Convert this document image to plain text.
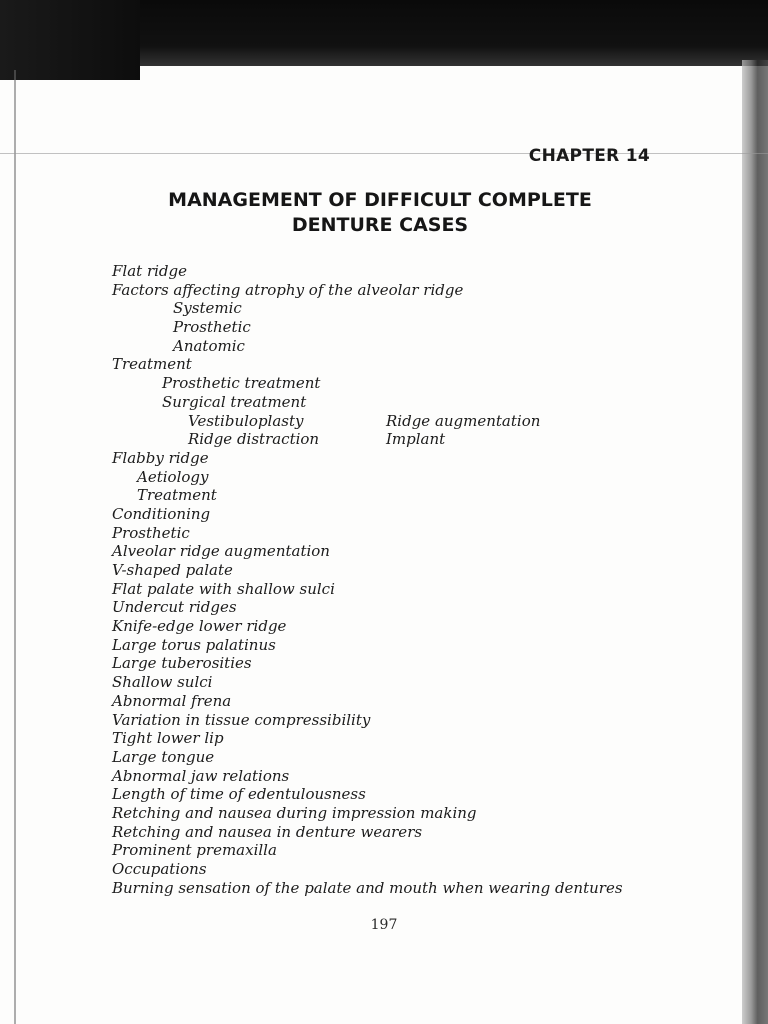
CHAPTER 14
MANAGEMENT OF DIFFICULT COMPLETE
DENTURE CASES
Flat ridge
Factors affecting atrophy of the alveolar ridge
Systemic
Prosthetic
Anatomic
Treatment
Prosthetic treatment
Surgical treatment
Vestibuloplasty	Ridge augmentation
Ridge distraction	Implant
Flabby ridge
Aetiology
Treatment
Conditioning
Prosthetic
Alveolar ridge augmentation
V-shaped palate
Flat palate with shallow sulci
Undercut ridges
Knife-edge lower ridge
Large torus palatinus
Large tuberosities
Shallow sulci
Abnormal frena
Variation in tissue compressibility
Tight lower lip
Large tongue
Abnormal jaw relations
Length of time of edentulousness
Retching and nausea during impression making
Retching and nausea in denture wearers
Prominent premaxilla
Occupations
Burning sensation of the palate and mouth when wearing dentures
197
